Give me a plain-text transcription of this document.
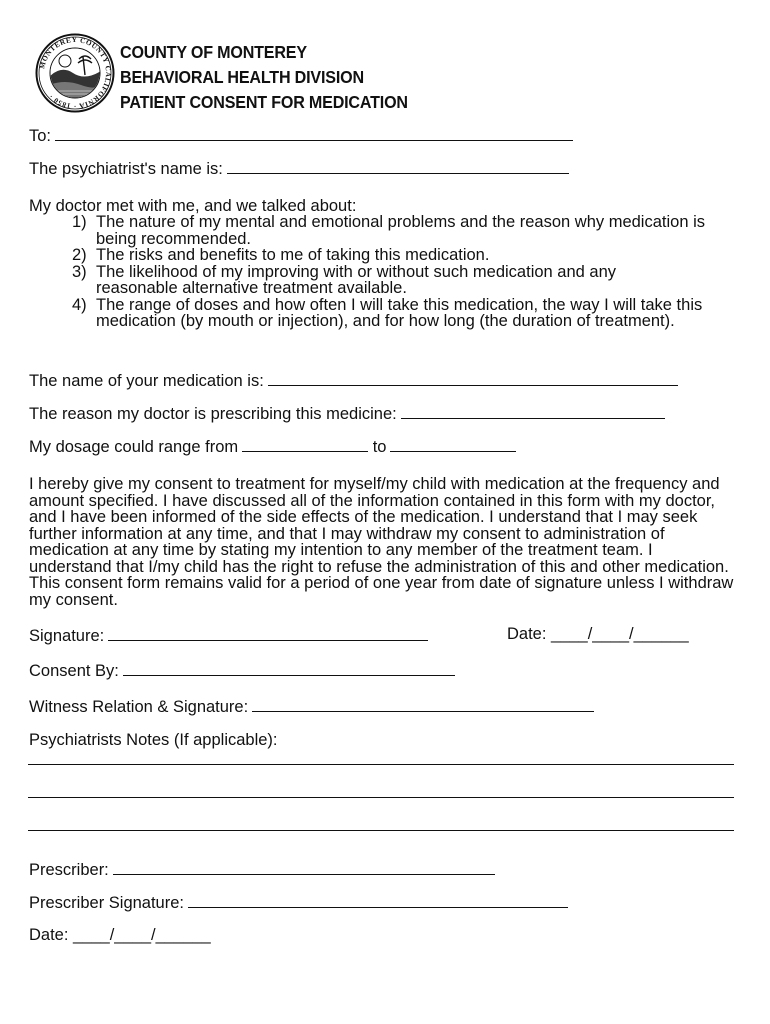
MONTEREY COUNTY CALIFORNIA · 1850 ·
COUNTY OF MONTEREY
BEHAVIORAL HEALTH DIVISION
PATIENT CONSENT FOR MEDICATION
To:
The psychiatrist's name is:
My doctor met with me, and we talked about:
1) The nature of my mental and emotional problems and the reason why medication is being recommended.
2) The risks and benefits to me of taking this medication.
3) The likelihood of my improving with or without such medication and any reasonable alternative treatment available.
4) The range of doses and how often I will take this medication, the way I will take this medication (by mouth or injection), and for how long (the duration of treatment).
The name of your medication is:
The reason my doctor is prescribing this medicine:
My dosage could range from	to
I hereby give my consent to treatment for myself/my child with medication at the frequency and amount specified. I have discussed all of the information contained in this form with my doctor, and I have been informed of the side effects of the medication. I understand that I may seek further information at any time, and that I may withdraw my consent to administration of medication at any time by stating my intention to any member of the treatment team. I understand that I/my child has the right to refuse the administration of this and other medication. This consent form remains valid for a period of one year from date of signature unless I withdraw my consent.
Signature:	Date: ____/____/______
Consent By:
Witness Relation & Signature:
Psychiatrists Notes (If applicable):
Prescriber:
Prescriber Signature:
Date: ____/____/______
